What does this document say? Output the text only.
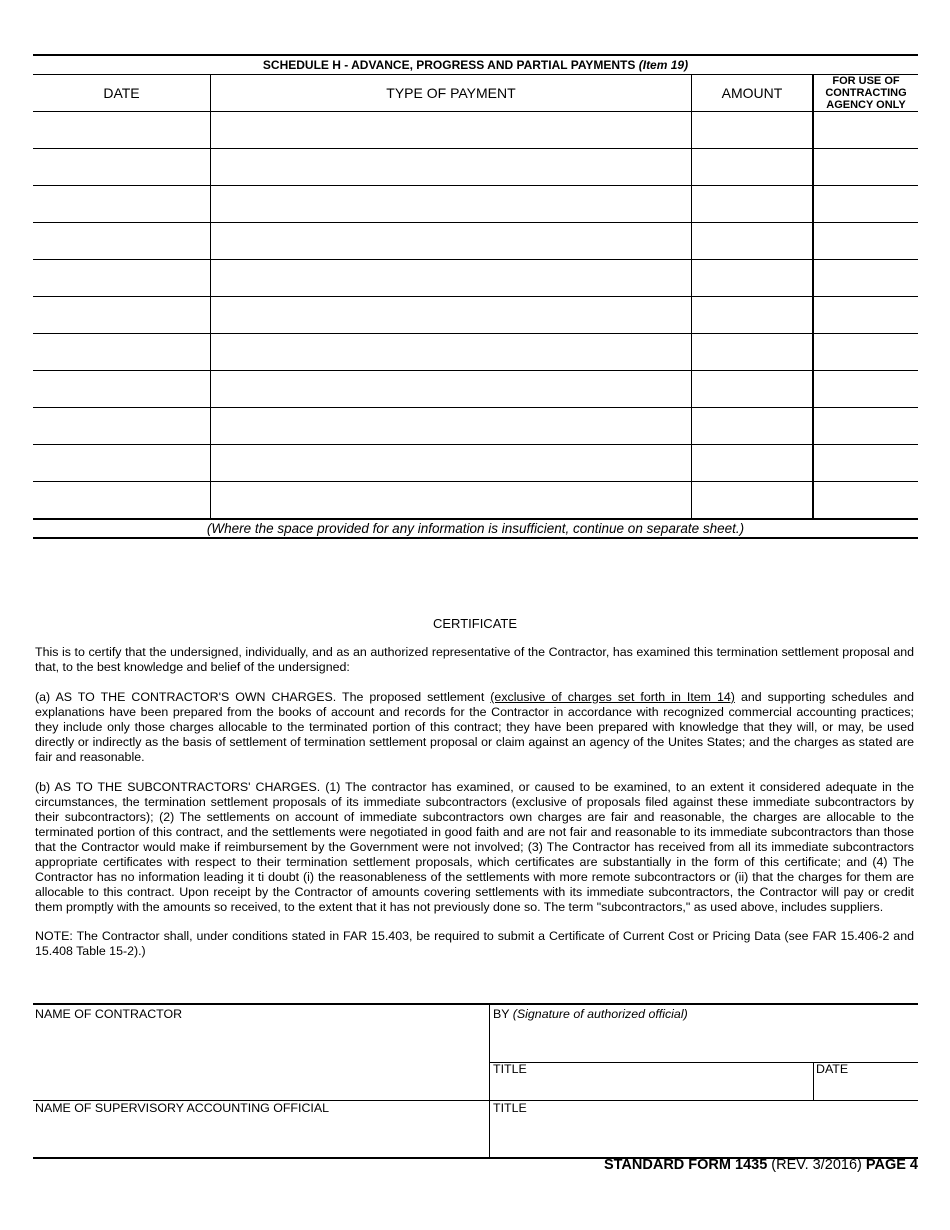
SCHEDULE H - ADVANCE, PROGRESS AND PARTIAL PAYMENTS (Item 19)
DATE	TYPE OF PAYMENT	AMOUNT	FOR USE OF
CONTRACTING
AGENCY ONLY

(Where the space provided for any information is insufficient, continue on separate sheet.)
CERTIFICATE
This is to certify that the undersigned, individually, and as an authorized representative of the Contractor, has examined this termination settlement proposal and that, to the best knowledge and belief of the undersigned:
(a) AS TO THE CONTRACTOR'S OWN CHARGES. The proposed settlement (exclusive of charges set forth in Item 14) and supporting schedules and explanations have been prepared from the books of account and records for the Contractor in accordance with recognized commercial accounting practices; they include only those charges allocable to the terminated portion of this contract; they have been prepared with knowledge that they will, or may, be used directly or indirectly as the basis of settlement of termination settlement proposal or claim against an agency of the Unites States; and the charges as stated are fair and reasonable.
(b) AS TO THE SUBCONTRACTORS' CHARGES. (1) The contractor has examined, or caused to be examined, to an extent it considered adequate in the circumstances, the termination settlement proposals of its immediate subcontractors (exclusive of proposals filed against these immediate subcontractors by their subcontractors); (2) The settlements on account of immediate subcontractors own charges are fair and reasonable, the charges are allocable to the terminated portion of this contract, and the settlements were negotiated in good faith and are not fair and reasonable to its immediate subcontractors than those that the Contractor would make if reimbursement by the Government were not involved; (3) The Contractor has received from all its immediate subcontractors appropriate certificates with respect to their termination settlement proposals, which certificates are substantially in the form of this certificate; and (4) The Contractor has no information leading it ti doubt (i) the reasonableness of the settlements with more remote subcontractors or (ii) that the charges for them are allocable to this contract. Upon receipt by the Contractor of amounts covering settlements with its immediate subcontractors, the Contractor will pay or credit them promptly with the amounts so received, to the extent that it has not previously done so. The term "subcontractors," as used above, includes suppliers.
NOTE: The Contractor shall, under conditions stated in FAR 15.403, be required to submit a Certificate of Current Cost or Pricing Data (see FAR 15.406-2 and 15.408 Table 15-2).)
NAME OF CONTRACTOR	BY (Signature of authorized official)
TITLE	DATE
NAME OF SUPERVISORY ACCOUNTING OFFICIAL	TITLE
STANDARD FORM 1435 (REV. 3/2016) PAGE 4
